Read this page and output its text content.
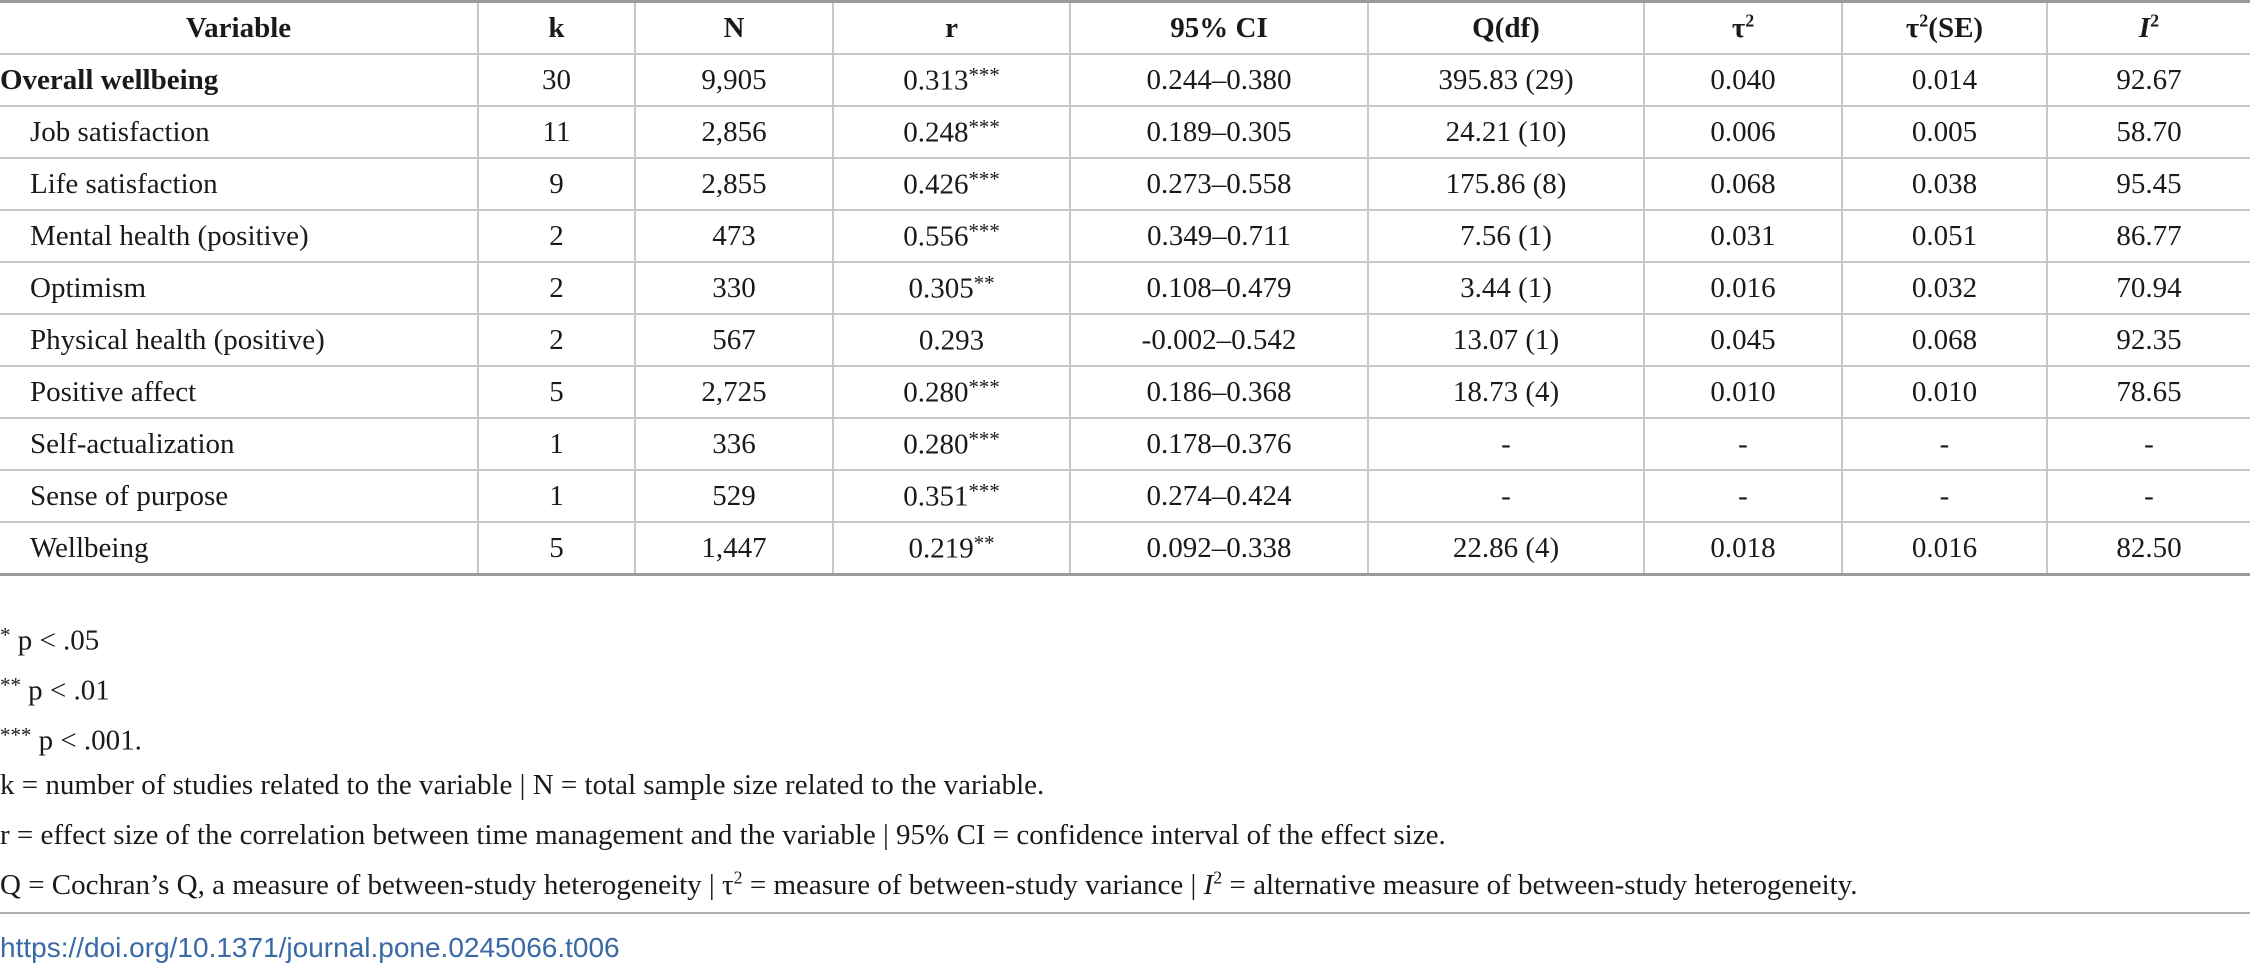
Variable	k	N	r	95% CI	Q(df)	$\tau^2$	$\tau^2(SE)$	$I^2$
Overall wellbeing	30	9,905	0.313***	0.244–0.380	395.83 (29)	0.040	0.014	92.67
Job satisfaction	11	2,856	0.248***	0.189–0.305	24.21 (10)	0.006	0.005	58.70
Life satisfaction	9	2,855	0.426***	0.273–0.558	175.86 (8)	0.068	0.038	95.45
Mental health (positive)	2	473	0.556***	0.349–0.711	7.56 (1)	0.031	0.051	86.77
Optimism	2	330	0.305**	0.108–0.479	3.44 (1)	0.016	0.032	70.94
Physical health (positive)	2	567	0.293	-0.002–0.542	13.07 (1)	0.045	0.068	92.35
Positive affect	5	2,725	0.280***	0.186–0.368	18.73 (4)	0.010	0.010	78.65
Self-actualization	1	336	0.280***	0.178–0.376	-	-	-	-
Sense of purpose	1	529	0.351***	0.274–0.424	-	-	-	-
Wellbeing	5	1,447	0.219**	0.092–0.338	22.86 (4)	0.018	0.016	82.50
* p < .05
** p < .01
*** p < .001.
k = number of studies related to the variable | N = total sample size related to the variable.
r = effect size of the correlation between time management and the variable | 95% CI = confidence interval of the effect size.
Q = Cochran’s Q, a measure of between-study heterogeneity | $\tau^2$ = measure of between-study variance | $I^2$ = alternative measure of between-study heterogeneity.
https://doi.org/10.1371/journal.pone.0245066.t006
